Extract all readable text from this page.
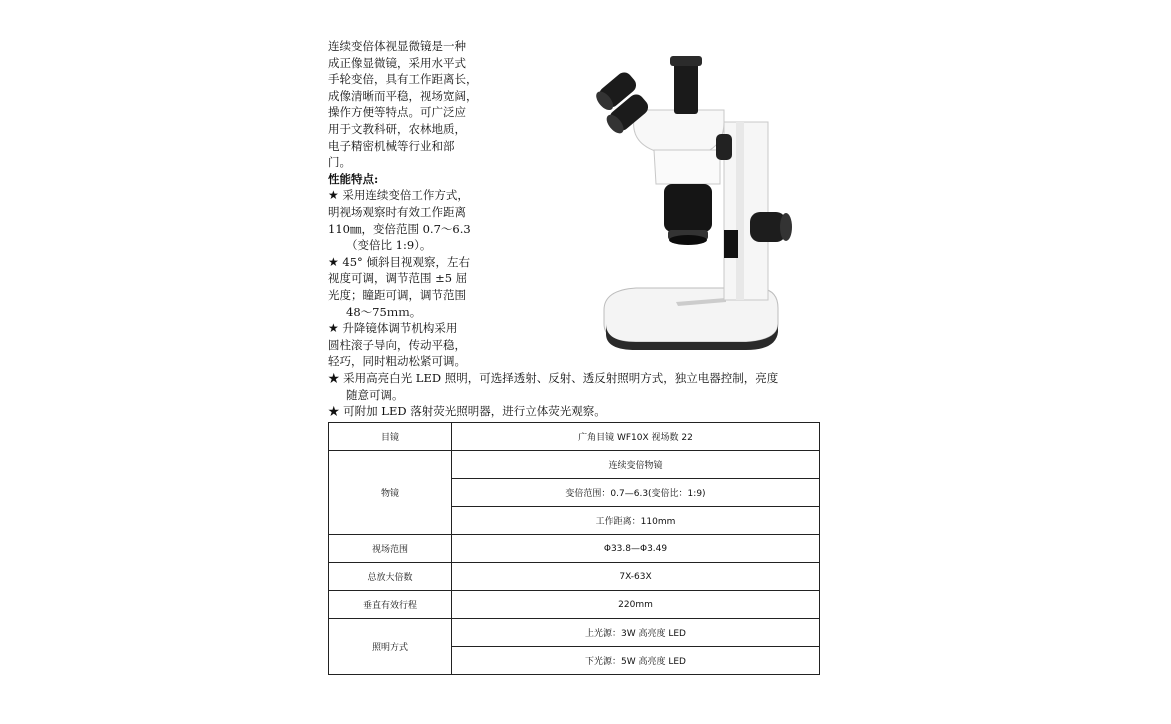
连续变倍体视显微镜是一种

成正像显微镜，采用水平式

手轮变倍，具有工作距离长，

成像清晰而平稳，视场宽阔，

操作方便等特点。可广泛应

用于文教科研，农林地质，

电子精密机械等行业和部

门。

性能特点:

★ 采用连续变倍工作方式，

明视场观察时有效工作距离

110㎜，变倍范围 0.7～6.3

（变倍比 1:9）。

★ 45° 倾斜目视观察，左右

视度可调，调节范围 ±5 屈

光度；瞳距可调，调节范围

48～75ｍｍ。

★ 升降镜体调节机构采用

圆柱滚子导向，传动平稳，

轻巧，同时粗动松紧可调。

★ 采用高亮白光 LED 照明，可选择透射、反射、透反射照明方式，独立电器控制，亮度

随意可调。

★ 可附加 LED 落射荧光照明器，进行立体荧光观察。

目镜	广角目镜 WF10X 视场数 22
物镜	连续变倍物镜
	变倍范围：0.7—6.3(变倍比：1:9)
	工作距离：110mm
视场范围	Φ33.8—Φ3.49
总放大倍数	7X-63X
垂直有效行程	220mm
照明方式	上光源：3W 高亮度 LED
	下光源：5W 高亮度 LED
